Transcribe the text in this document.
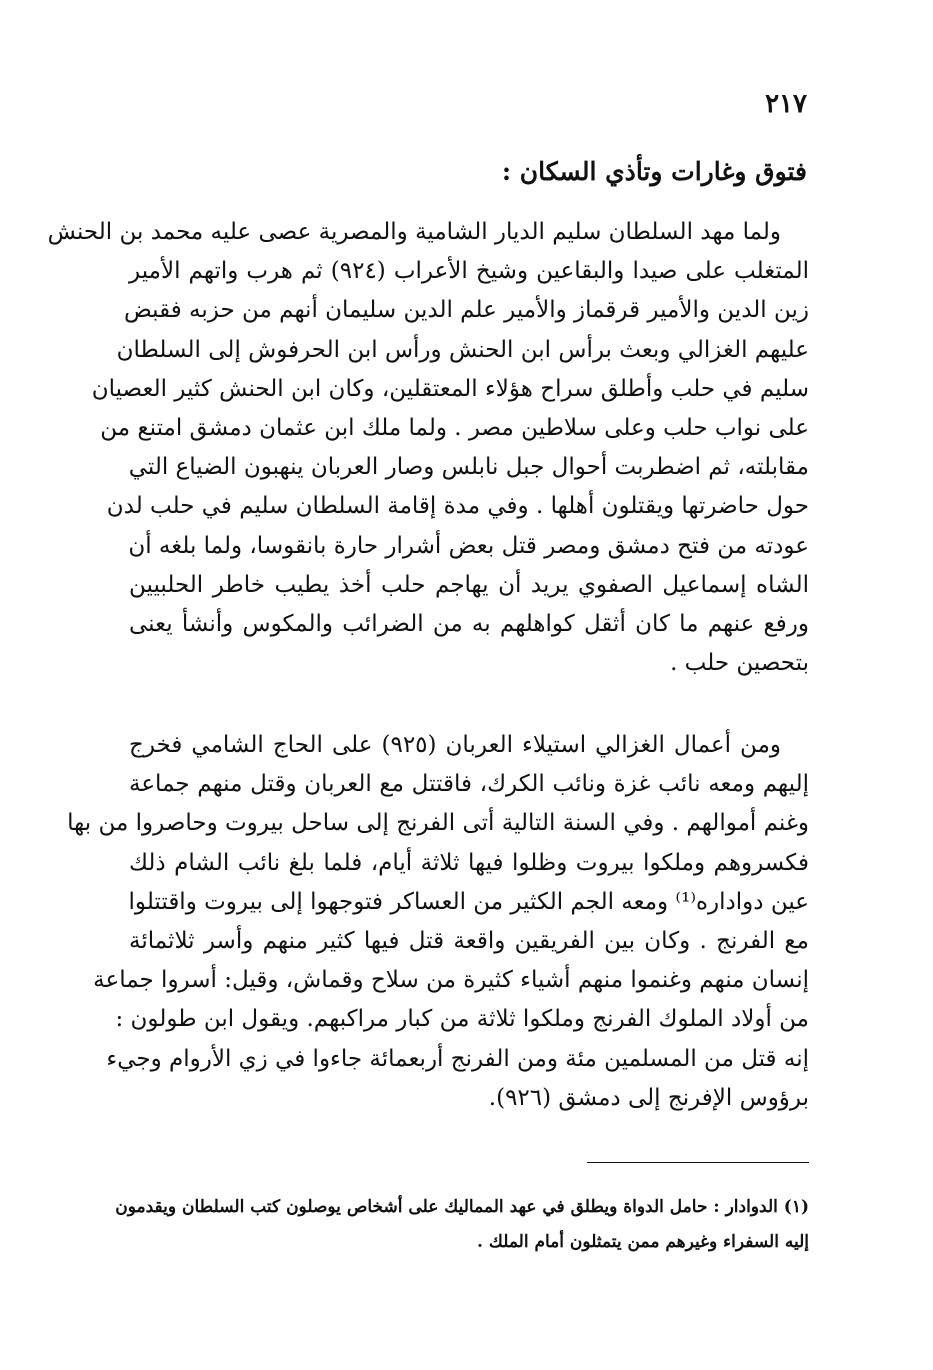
٢١٧

فتوق وغارات وتأذي السكان :

ولما مهد السلطان سليم الديار الشامية والمصرية عصى عليه محمد بن الحنش
المتغلب على صيدا والبقاعين وشيخ الأعراب (٩٢٤) ثم هرب واتهم الأمير
زين الدين والأمير قرقماز والأمير علم الدين سليمان أنهم من حزبه فقبض
عليهم الغزالي وبعث برأس ابن الحنش ورأس ابن الحرفوش إلى السلطان
سليم في حلب وأطلق سراح هؤلاء المعتقلين، وكان ابن الحنش كثير العصيان
على نواب حلب وعلى سلاطين مصر . ولما ملك ابن عثمان دمشق امتنع من
مقابلته، ثم اضطربت أحوال جبل نابلس وصار العربان ينهبون الضياع التي
حول حاضرتها ويقتلون أهلها . وفي مدة إقامة السلطان سليم في حلب لدن
عودته من فتح دمشق ومصر قتل بعض أشرار حارة بانقوسا، ولما بلغه أن
الشاه إسماعيل الصفوي يريد أن يهاجم حلب أخذ يطيب خاطر الحلبيين
ورفع عنهم ما كان أثقل كواهلهم به من الضرائب والمكوس وأنشأ يعنى
بتحصين حلب .

ومن أعمال الغزالي استيلاء العربان (٩٢٥) على الحاج الشامي فخرج
إليهم ومعه نائب غزة ونائب الكرك، فاقتتل مع العربان وقتل منهم جماعة
وغنم أموالهم . وفي السنة التالية أتى الفرنج إلى ساحل بيروت وحاصروا من بها
فكسروهم وملكوا بيروت وظلوا فيها ثلاثة أيام، فلما بلغ نائب الشام ذلك
عين دواداره⁽¹⁾ ومعه الجم الكثير من العساكر فتوجهوا إلى بيروت واقتتلوا
مع الفرنج . وكان بين الفريقين واقعة قتل فيها كثير منهم وأسر ثلاثمائة
إنسان منهم وغنموا منهم أشياء كثيرة من سلاح وقماش، وقيل: أسروا جماعة
من أولاد الملوك الفرنج وملكوا ثلاثة من كبار مراكبهم. ويقول ابن طولون :
إنه قتل من المسلمين مئة ومن الفرنج أربعمائة جاءوا في زي الأروام وجيء
برؤوس الإفرنج إلى دمشق (٩٢٦).

(١) الدوادار : حامل الدواة ويطلق في عهد المماليك على أشخاص يوصلون كتب السلطان ويقدمون
إليه السفراء وغيرهم ممن يتمثلون أمام الملك .
